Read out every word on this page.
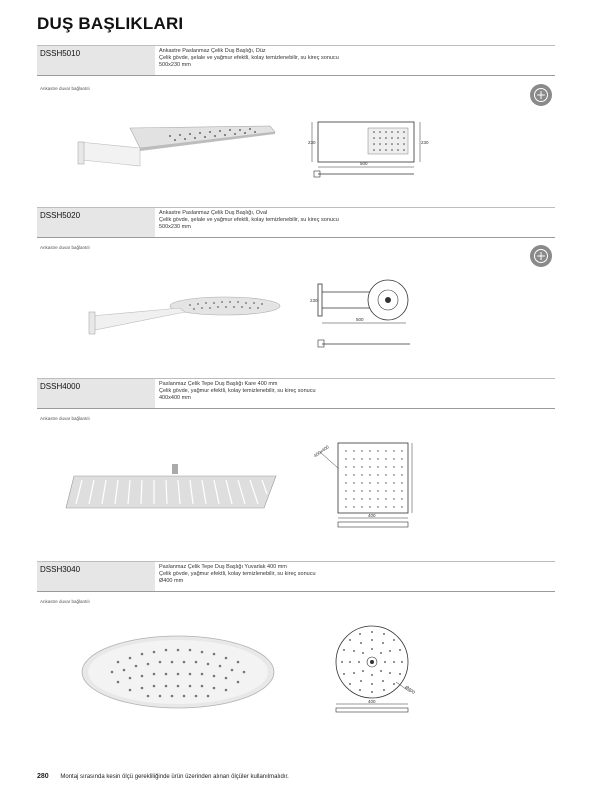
DUŞ BAŞLIKLARI
DSSH5010	Ankastre Paslanmaz Çelik Duş Başlığı, Düz
Çelik gövde, şelale ve yağmur efektli, kolay temizlenebilir, su kireç sonucu
500x230 mm
Ankastre duvar bağlantılı
+
230	230
500
DSSH5020	Ankastre Paslanmaz Çelik Duş Başlığı, Oval
Çelik gövde, şelale ve yağmur efektli, kolay temizlenebilir, su kireç sonucu
500x230 mm
Ankastre duvar bağlantılı
+
500
230
DSSH4000	Paslanmaz Çelik Tepe Duş Başlığı Kare 400 mm
Çelik gövde, yağmur efektli, kolay temizlenebilir, su kireç sonucu
400x400 mm
Ankastre duvar bağlantılı
400x400
400
DSSH3040	Paslanmaz Çelik Tepe Duş Başlığı Yuvarlak 400 mm
Çelik gövde, yağmur efektli, kolay temizlenebilir, su kireç sonucu
Ø400 mm
Ankastre duvar bağlantılı
Ø400
400
280 Montaj sırasında kesin ölçü gerekliliğinde ürün üzerinden alınan ölçüler kullanılmalıdır.
